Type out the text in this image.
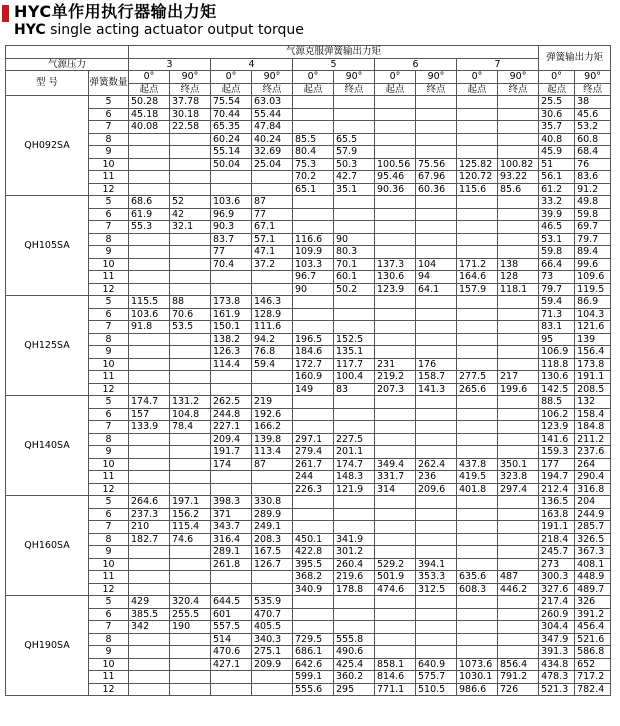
HYC单作用执行器输出力矩
HYC single acting actuator output torque
		气源克服弹簧输出力矩										弹簧输出力矩	
气源压力		3		4		5		6		7			
型 号	弹簧数量	0°	90°	0°	90°	0°	90°	0°	90°	0°	90°	0°	90°
		起点	终点	起点	终点	起点	终点	起点	终点	起点	终点	起点	终点
QH092SA	5	50.28	37.78	75.54	63.03							25.5	38
	6	45.18	30.18	70.44	55.44							30.6	45.6
	7	40.08	22.58	65.35	47.84							35.7	53.2
	8			60.24	40.24	85.5	65.5					40.8	60.8
	9			55.14	32.69	80.4	57.9					45.9	68.4
	10			50.04	25.04	75.3	50.3	100.56	75.56	125.82	100.82	51	76
	11					70.2	42.7	95.46	67.96	120.72	93.22	56.1	83.6
	12					65.1	35.1	90.36	60.36	115.6	85.6	61.2	91.2
QH105SA	5	68.6	52	103.6	87							33.2	49.8
	6	61.9	42	96.9	77							39.9	59.8
	7	55.3	32.1	90.3	67.1							46.5	69.7
	8			83.7	57.1	116.6	90					53.1	79.7
	9			77	47.1	109.9	80.3					59.8	89.4
	10			70.4	37.2	103.3	70.1	137.3	104	171.2	138	66.4	99.6
	11					96.7	60.1	130.6	94	164.6	128	73	109.6
	12					90	50.2	123.9	64.1	157.9	118.1	79.7	119.5
QH125SA	5	115.5	88	173.8	146.3							59.4	86.9
	6	103.6	70.6	161.9	128.9							71.3	104.3
	7	91.8	53.5	150.1	111.6							83.1	121.6
	8			138.2	94.2	196.5	152.5					95	139
	9			126.3	76.8	184.6	135.1					106.9	156.4
	10			114.4	59.4	172.7	117.7	231	176			118.8	173.8
	11					160.9	100.4	219.2	158.7	277.5	217	130.6	191.1
	12					149	83	207.3	141.3	265.6	199.6	142.5	208.5
QH140SA	5	174.7	131.2	262.5	219							88.5	132
	6	157	104.8	244.8	192.6							106.2	158.4
	7	133.9	78.4	227.1	166.2							123.9	184.8
	8			209.4	139.8	297.1	227.5					141.6	211.2
	9			191.7	113.4	279.4	201.1					159.3	237.6
	10			174	87	261.7	174.7	349.4	262.4	437.8	350.1	177	264
	11					244	148.3	331.7	236	419.5	323.8	194.7	290.4
	12					226.3	121.9	314	209.6	401.8	297.4	212.4	316.8
QH160SA	5	264.6	197.1	398.3	330.8							136.5	204
	6	237.3	156.2	371	289.9							163.8	244.9
	7	210	115.4	343.7	249.1							191.1	285.7
	8	182.7	74.6	316.4	208.3	450.1	341.9					218.4	326.5
	9			289.1	167.5	422.8	301.2					245.7	367.3
	10			261.8	126.7	395.5	260.4	529.2	394.1			273	408.1
	11					368.2	219.6	501.9	353.3	635.6	487	300.3	448.9
	12					340.9	178.8	474.6	312.5	608.3	446.2	327.6	489.7
QH190SA	5	429	320.4	644.5	535.9							217.4	326
	6	385.5	255.5	601	470.7							260.9	391.2
	7	342	190	557.5	405.5							304.4	456.4
	8			514	340.3	729.5	555.8					347.9	521.6
	9			470.6	275.1	686.1	490.6					391.3	586.8
	10			427.1	209.9	642.6	425.4	858.1	640.9	1073.6	856.4	434.8	652
	11					599.1	360.2	814.6	575.7	1030.1	791.2	478.3	717.2
	12					555.6	295	771.1	510.5	986.6	726	521.3	782.4
